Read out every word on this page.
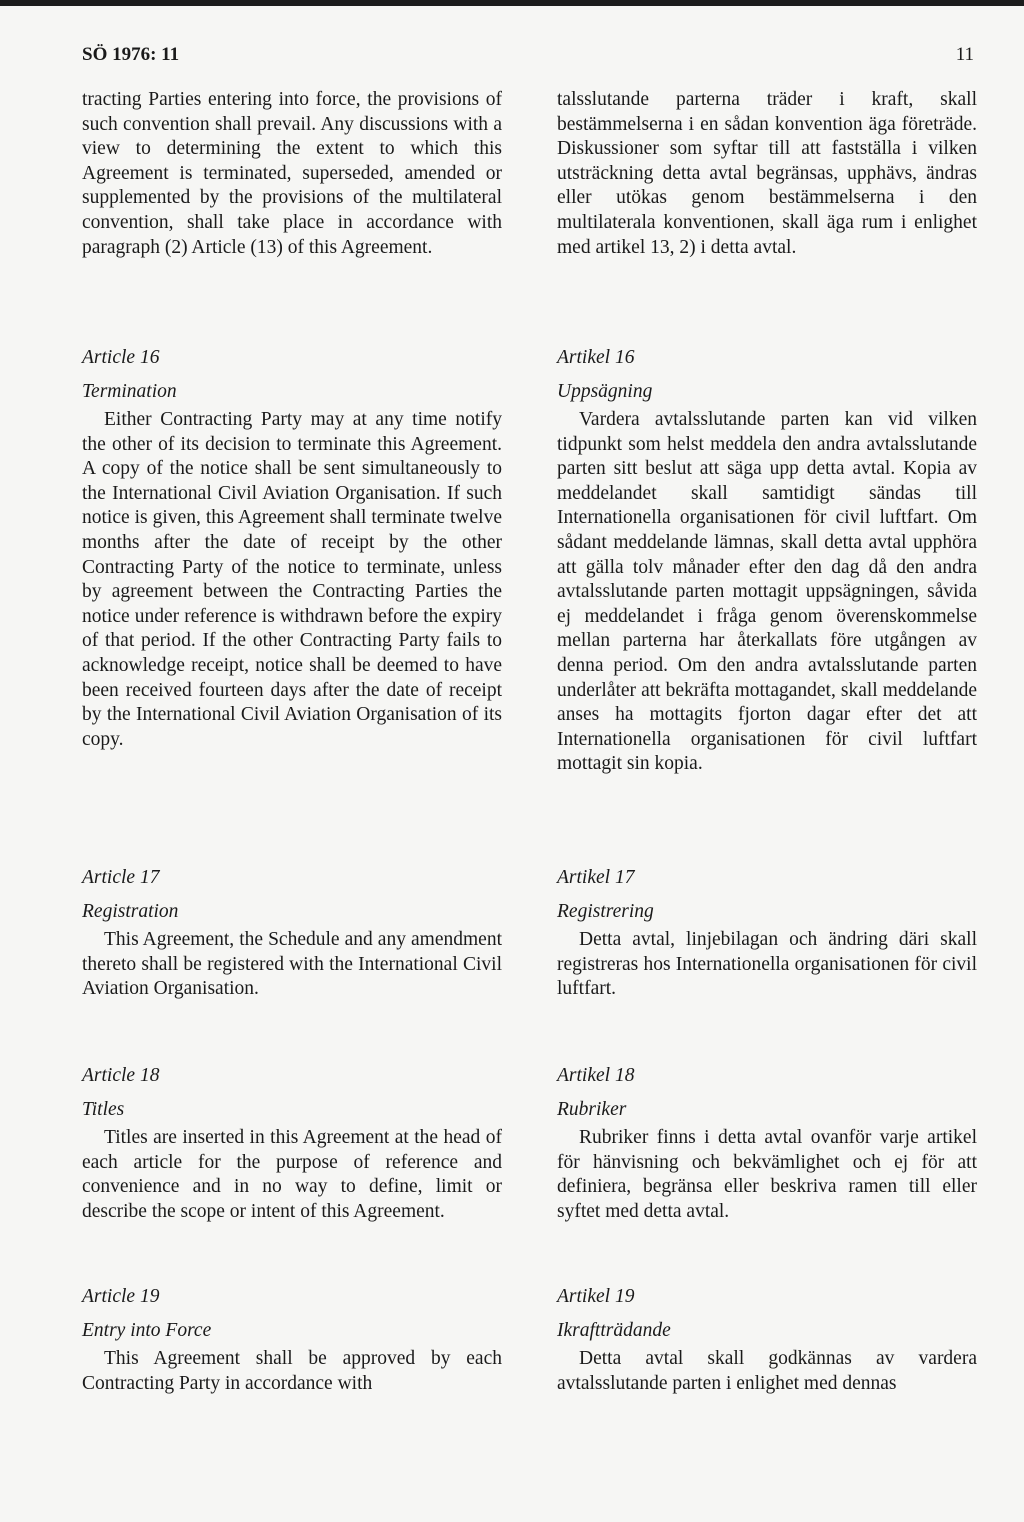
SÖ 1976: 11	11

tracting Parties entering into force, the provisions of such convention shall prevail. Any discussions with a view to determining the extent to which this Agreement is terminated, superseded, amended or supplemented by the provisions of the multilateral convention, shall take place in accordance with paragraph (2) Article (13) of this Agreement.

Article 16
Termination

Either Contracting Party may at any time notify the other of its decision to terminate this Agreement. A copy of the notice shall be sent simultaneously to the International Civil Aviation Organisation. If such notice is given, this Agreement shall terminate twelve months after the date of receipt by the other Contracting Party of the notice to terminate, unless by agreement between the Contracting Parties the notice under reference is withdrawn before the expiry of that period. If the other Contracting Party fails to acknowledge receipt, notice shall be deemed to have been received fourteen days after the date of receipt by the International Civil Aviation Organisation of its copy.

Article 17
Registration

This Agreement, the Schedule and any amendment thereto shall be registered with the International Civil Aviation Organisation.

Article 18
Titles

Titles are inserted in this Agreement at the head of each article for the purpose of reference and convenience and in no way to define, limit or describe the scope or intent of this Agreement.

Article 19
Entry into Force

This Agreement shall be approved by each Contracting Party in accordance with

talsslutande parterna träder i kraft, skall bestämmelserna i en sådan konvention äga företräde. Diskussioner som syftar till att fastställa i vilken utsträckning detta avtal begränsas, upphävs, ändras eller utökas genom bestämmelserna i den multilaterala konventionen, skall äga rum i enlighet med artikel 13, 2) i detta avtal.

Artikel 16
Uppsägning

Vardera avtalsslutande parten kan vid vilken tidpunkt som helst meddela den andra avtalsslutande parten sitt beslut att säga upp detta avtal. Kopia av meddelandet skall samtidigt sändas till Internationella organisationen för civil luftfart. Om sådant meddelande lämnas, skall detta avtal upphöra att gälla tolv månader efter den dag då den andra avtalsslutande parten mottagit uppsägningen, såvida ej meddelandet i fråga genom överenskommelse mellan parterna har återkallats före utgången av denna period. Om den andra avtalsslutande parten underlåter att bekräfta mottagandet, skall meddelande anses ha mottagits fjorton dagar efter det att Internationella organisationen för civil luftfart mottagit sin kopia.

Artikel 17
Registrering

Detta avtal, linjebilagan och ändring däri skall registreras hos Internationella organisationen för civil luftfart.

Artikel 18
Rubriker

Rubriker finns i detta avtal ovanför varje artikel för hänvisning och bekvämlighet och ej för att definiera, begränsa eller beskriva ramen till eller syftet med detta avtal.

Artikel 19
Ikraftträdande

Detta avtal skall godkännas av vardera avtalsslutande parten i enlighet med dennas
